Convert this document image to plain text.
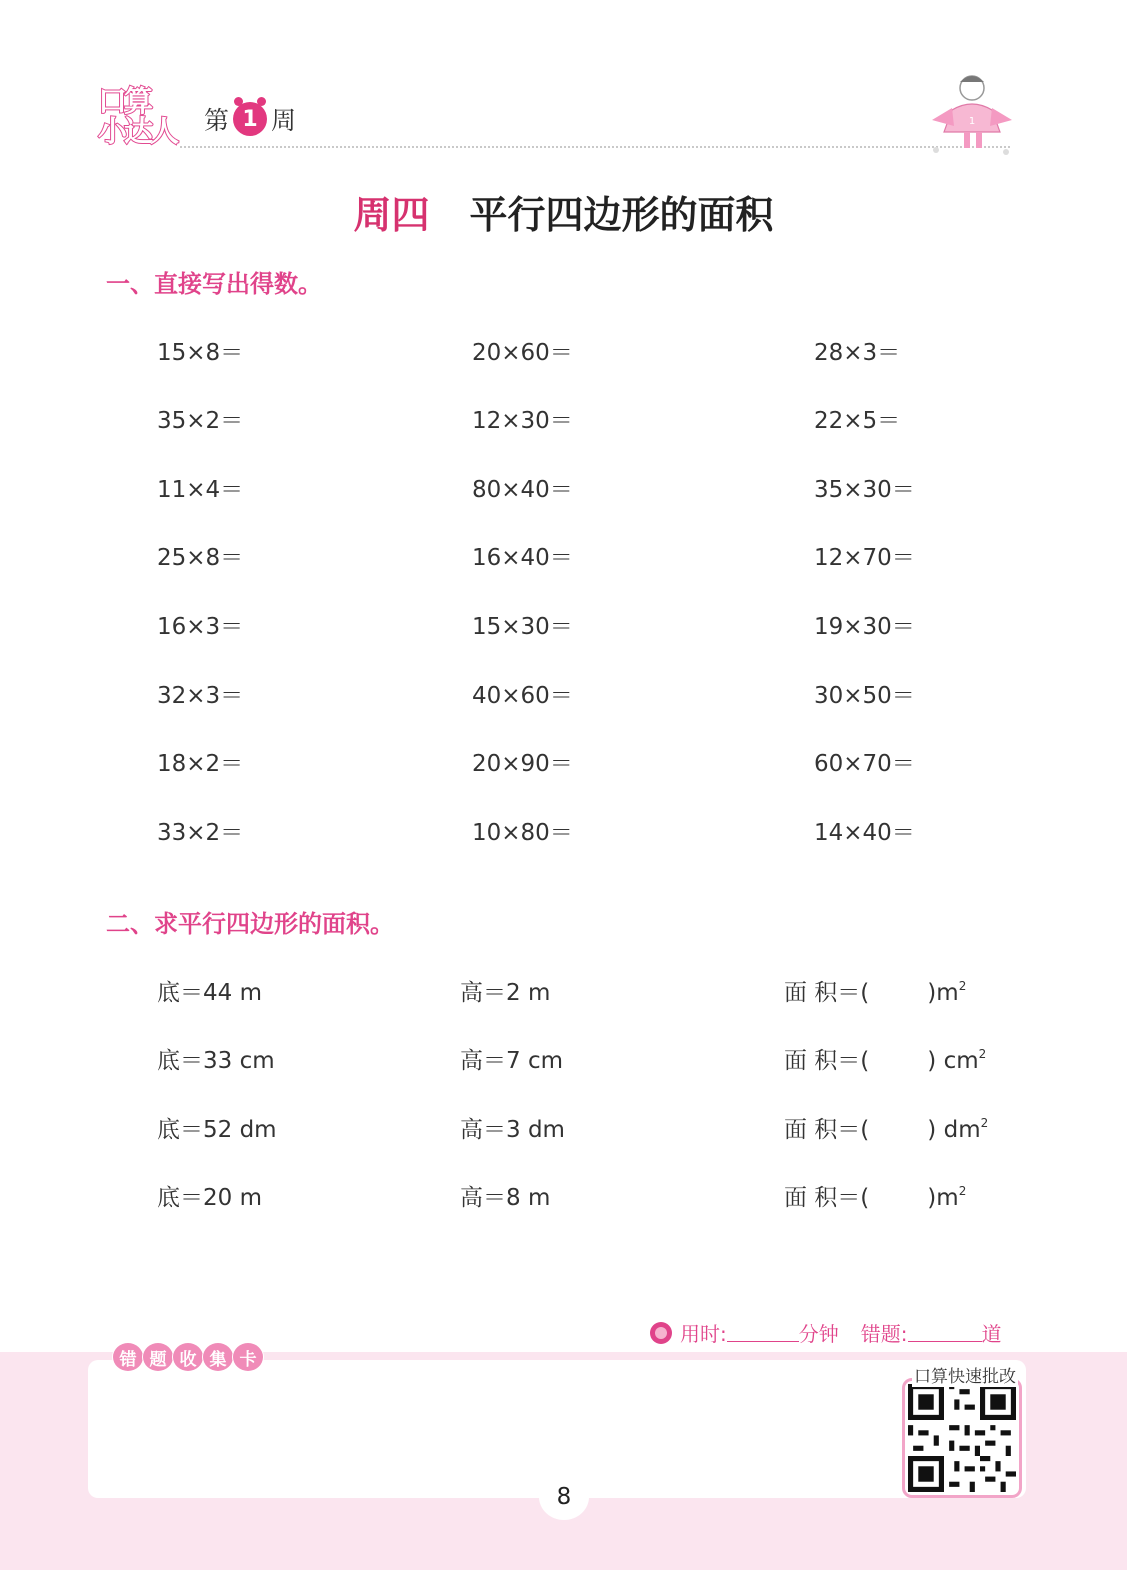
口算
小达人 第 1 周	1
周四 平行四边形的面积
一、直接写出得数。
15×8＝	20×60＝	28×3＝
35×2＝	12×30＝	22×5＝
11×4＝	80×40＝	35×30＝
25×8＝	16×40＝	12×70＝
16×3＝	15×30＝	19×30＝
32×3＝	40×60＝	30×50＝
18×2＝	20×90＝	60×70＝
33×2＝	10×80＝	14×40＝
二、求平行四边形的面积。
底＝44 m	高＝2 m	面 积＝(	)$m^2$
底＝33 cm	高＝7 cm	面 积＝(	) $cm^2$
底＝52 dm	高＝3 dm	面 积＝(	) $dm^2$
底＝20 m	高＝8 m	面 积＝(	)$m^2$
用时:	分钟 错题:	道
错 题 收 集 卡
口算快速批改
8
